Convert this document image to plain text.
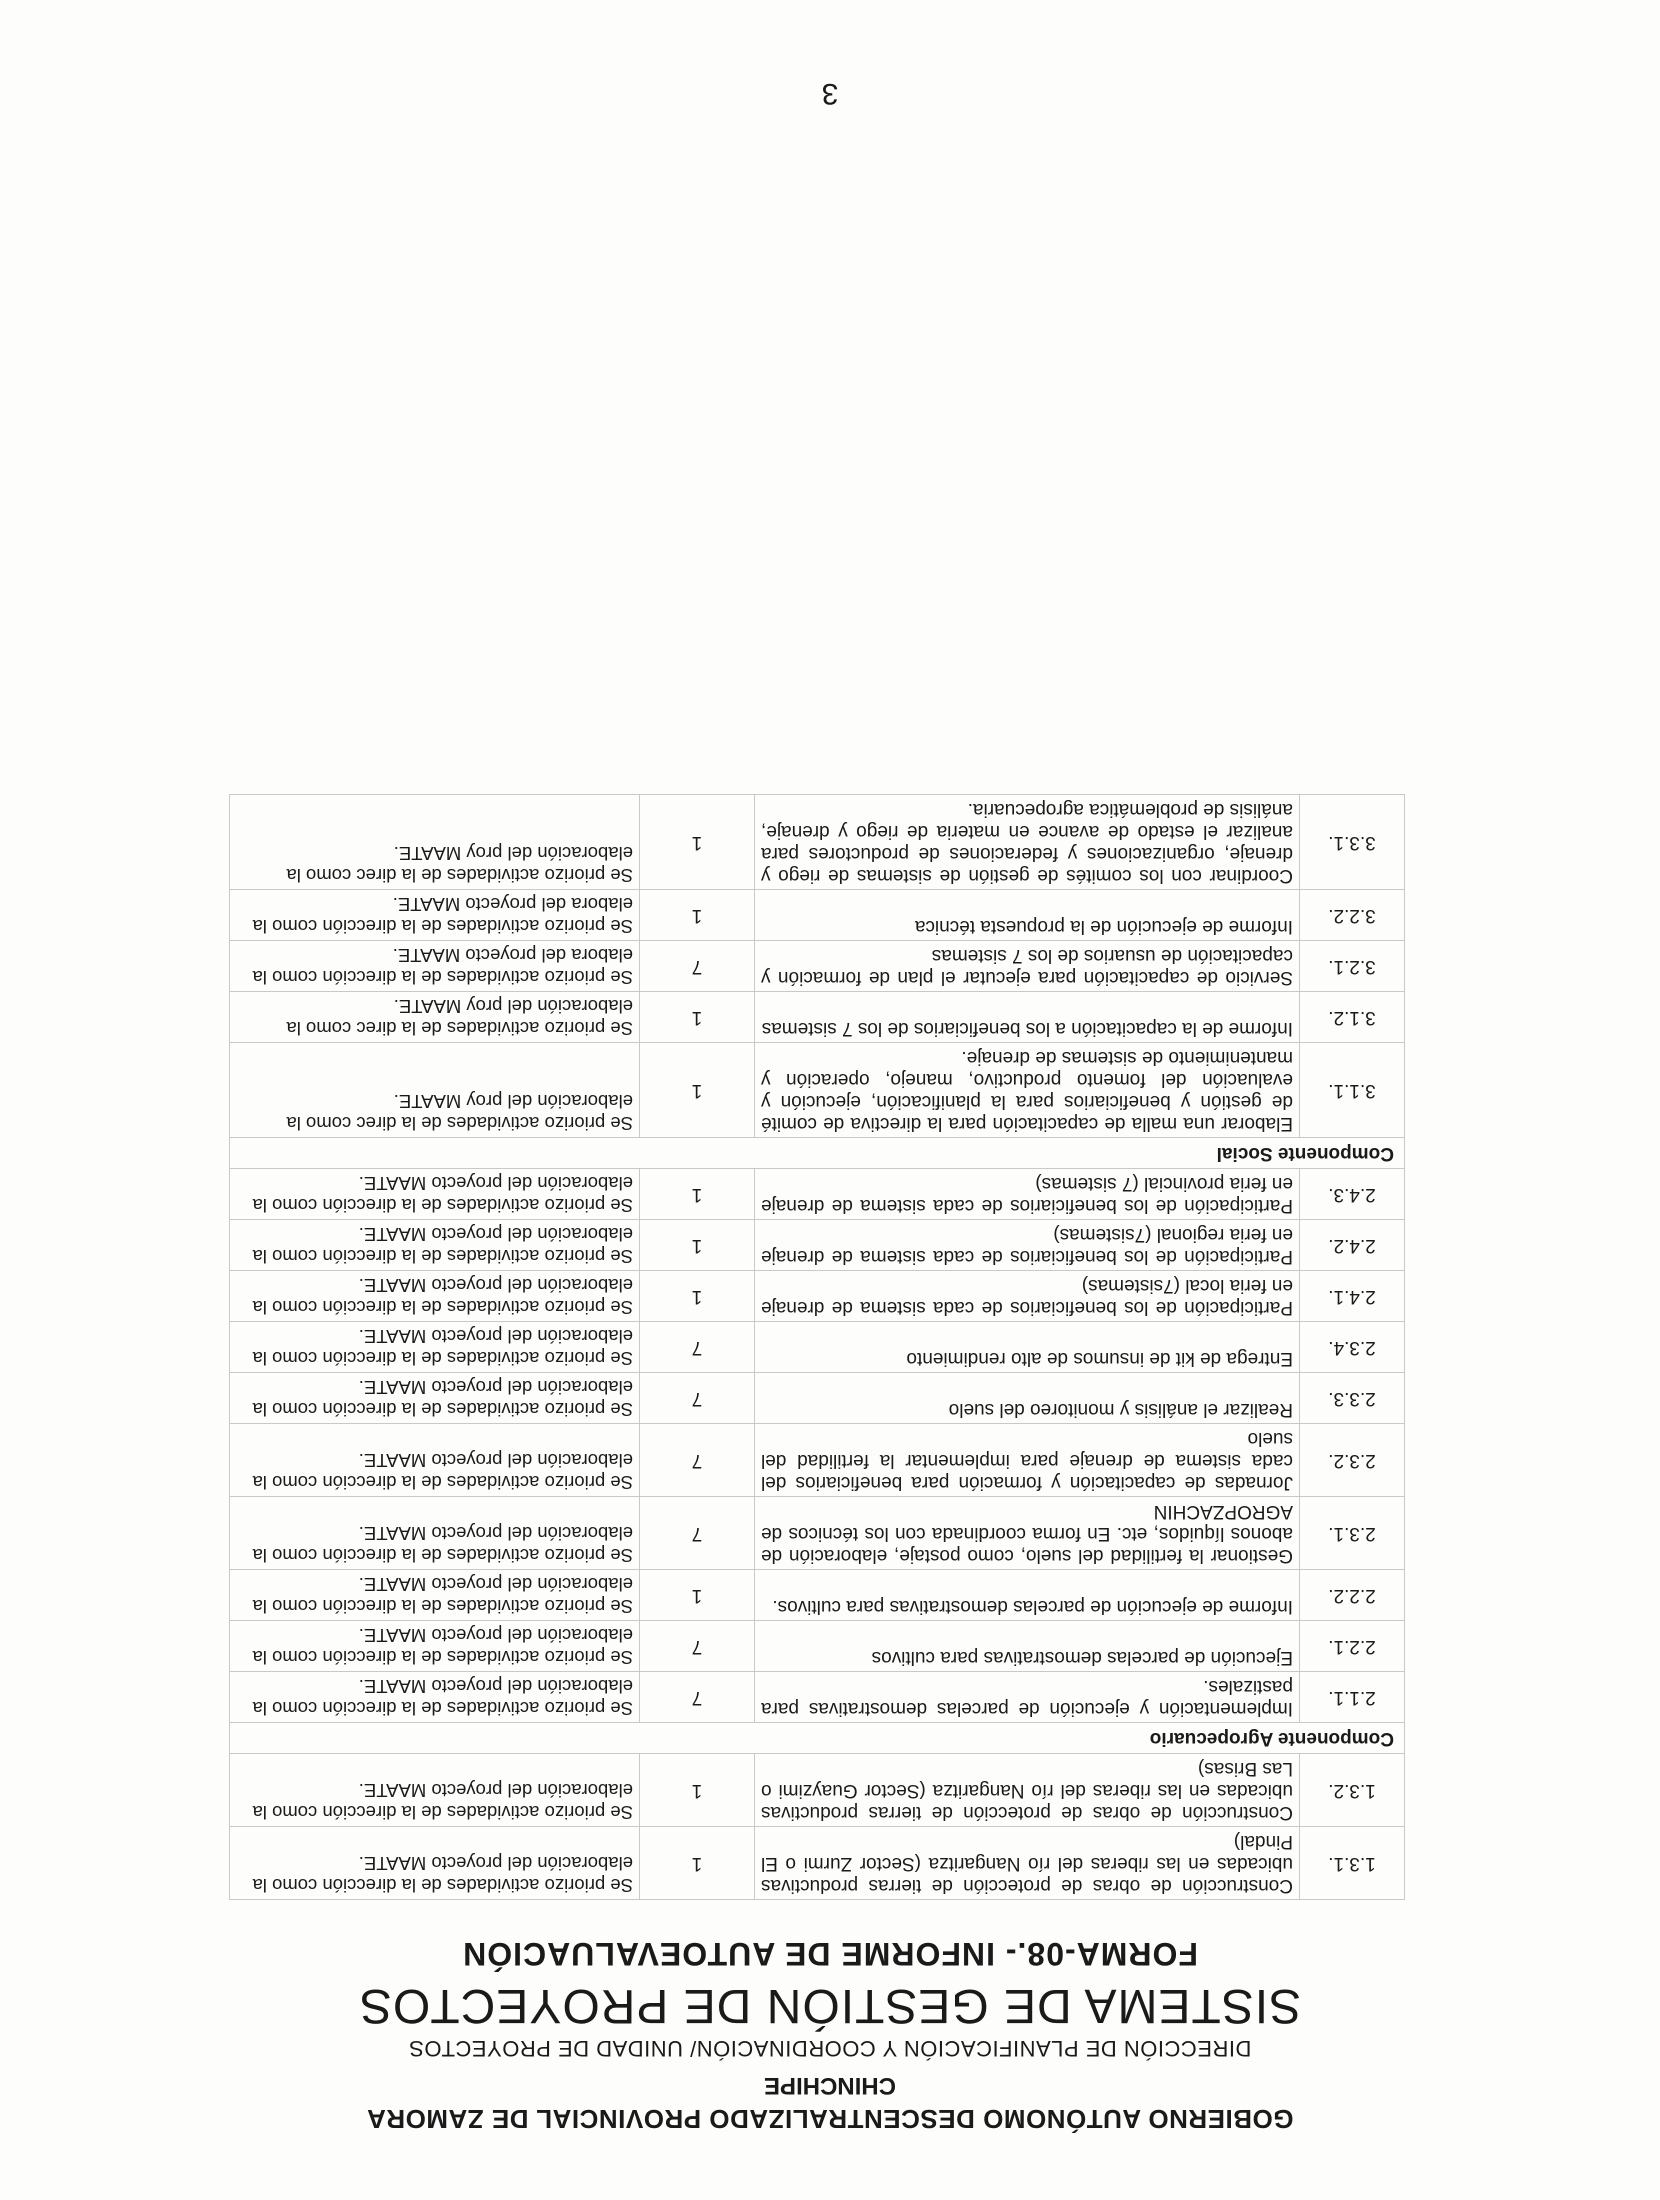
GOBIERNO AUTÓNOMO DESCENTRALIZADO PROVINCIAL DE ZAMORA
CHINCHIPE
DIRECCIÓN DE PLANIFICACIÓN Y COORDINACIÓN/ UNIDAD DE PROYECTOS
SISTEMA DE GESTIÓN DE PROYECTOS
FORMA-08.- INFORME DE AUTOEVALUACIÓN
1.3.1.	Construcción de obras de protección de tierras productivas ubicadas en las riberas del río Nangaritza (Sector Zurmi o El Pindal)	1	Se priorizo actividades de la dirección como la elaboración del proyecto MAATE.
1.3.2.	Construcción de obras de protección de tierras productivas ubicadas en las riberas del río Nangaritza (Sector Guayzimi o Las Brisas)	1	Se priorizo actividades de la dirección como la elaboración del proyecto MAATE.
Componente Agropecuario			
2.1.1.	Implementación y ejecución de parcelas demostrativas para pastizales.	7	Se priorizo actividades de la dirección como la elaboración del proyecto MAATE.
2.2.1.	Ejecución de parcelas demostrativas para cultivos	7	Se priorizo actividades de la dirección como la elaboración del proyecto MAATE.
2.2.2.	Informe de ejecución de parcelas demostrativas para cultivos.	1	Se priorizo actividades de la dirección como la elaboración del proyecto MAATE.
2.3.1.	Gestionar la fertilidad del suelo, como postaje, elaboración de abonos líquidos, etc. En forma coordinada con los técnicos de AGROPZACHIN	7	Se priorizo actividades de la dirección como la elaboración del proyecto MAATE.
2.3.2.	Jornadas de capacitación y formación para beneficiarios del cada sistema de drenaje para implementar la fertilidad del suelo	7	Se priorizo actividades de la dirección como la elaboración del proyecto MAATE.
2.3.3.	Realizar el análisis y monitoreo del suelo	7	Se priorizo actividades de la dirección como la elaboración del proyecto MAATE.
2.3.4.	Entrega de kit de insumos de alto rendimiento	7	Se priorizo actividades de la dirección como la elaboración del proyecto MAATE.
2.4.1.	Participación de los beneficiarios de cada sistema de drenaje en feria local (7sistemas)	1	Se priorizo actividades de la dirección como la elaboración del proyecto MAATE.
2.4.2.	Participación de los beneficiarios de cada sistema de drenaje en feria regional (7sistemas)	1	Se priorizo actividades de la dirección como la elaboración del proyecto MAATE.
2.4.3.	Participación de los beneficiarios de cada sistema de drenaje en feria provincial (7 sistemas)	1	Se priorizo actividades de la dirección como la elaboración del proyecto MAATE.
Componente Social			
3.1.1.	Elaborar una malla de capacitación para la directiva de comité de gestión y beneficiarios para la planificación, ejecución y evaluación del fomento productivo, manejo, operación y mantenimiento de sistemas de drenaje.	1	Se priorizo actividades de la direc como la elaboración del proy MAATE.
3.1.2.	Informe de la capacitación a los beneficiarios de los 7 sistemas	1	Se priorizo actividades de la direc como la elaboración del proy MAATE.
3.2.1.	Servicio de capacitación para ejecutar el plan de formación y capacitación de usuarios de los 7 sistemas	7	Se priorizo actividades de la dirección como la elabora del proyecto MAATE.
3.2.2.	Informe de ejecución de la propuesta técnica	1	Se priorizo actividades de la dirección como la elabora del proyecto MAATE.
3.3.1.	Coordinar con los comités de gestión de sistemas de riego y drenaje, organizaciones y federaciones de productores para analizar el estado de avance en materia de riego y drenaje, análisis de problemática agropecuaria.	1	Se priorizo actividades de la direc como la elaboración del proy MAATE.
3
